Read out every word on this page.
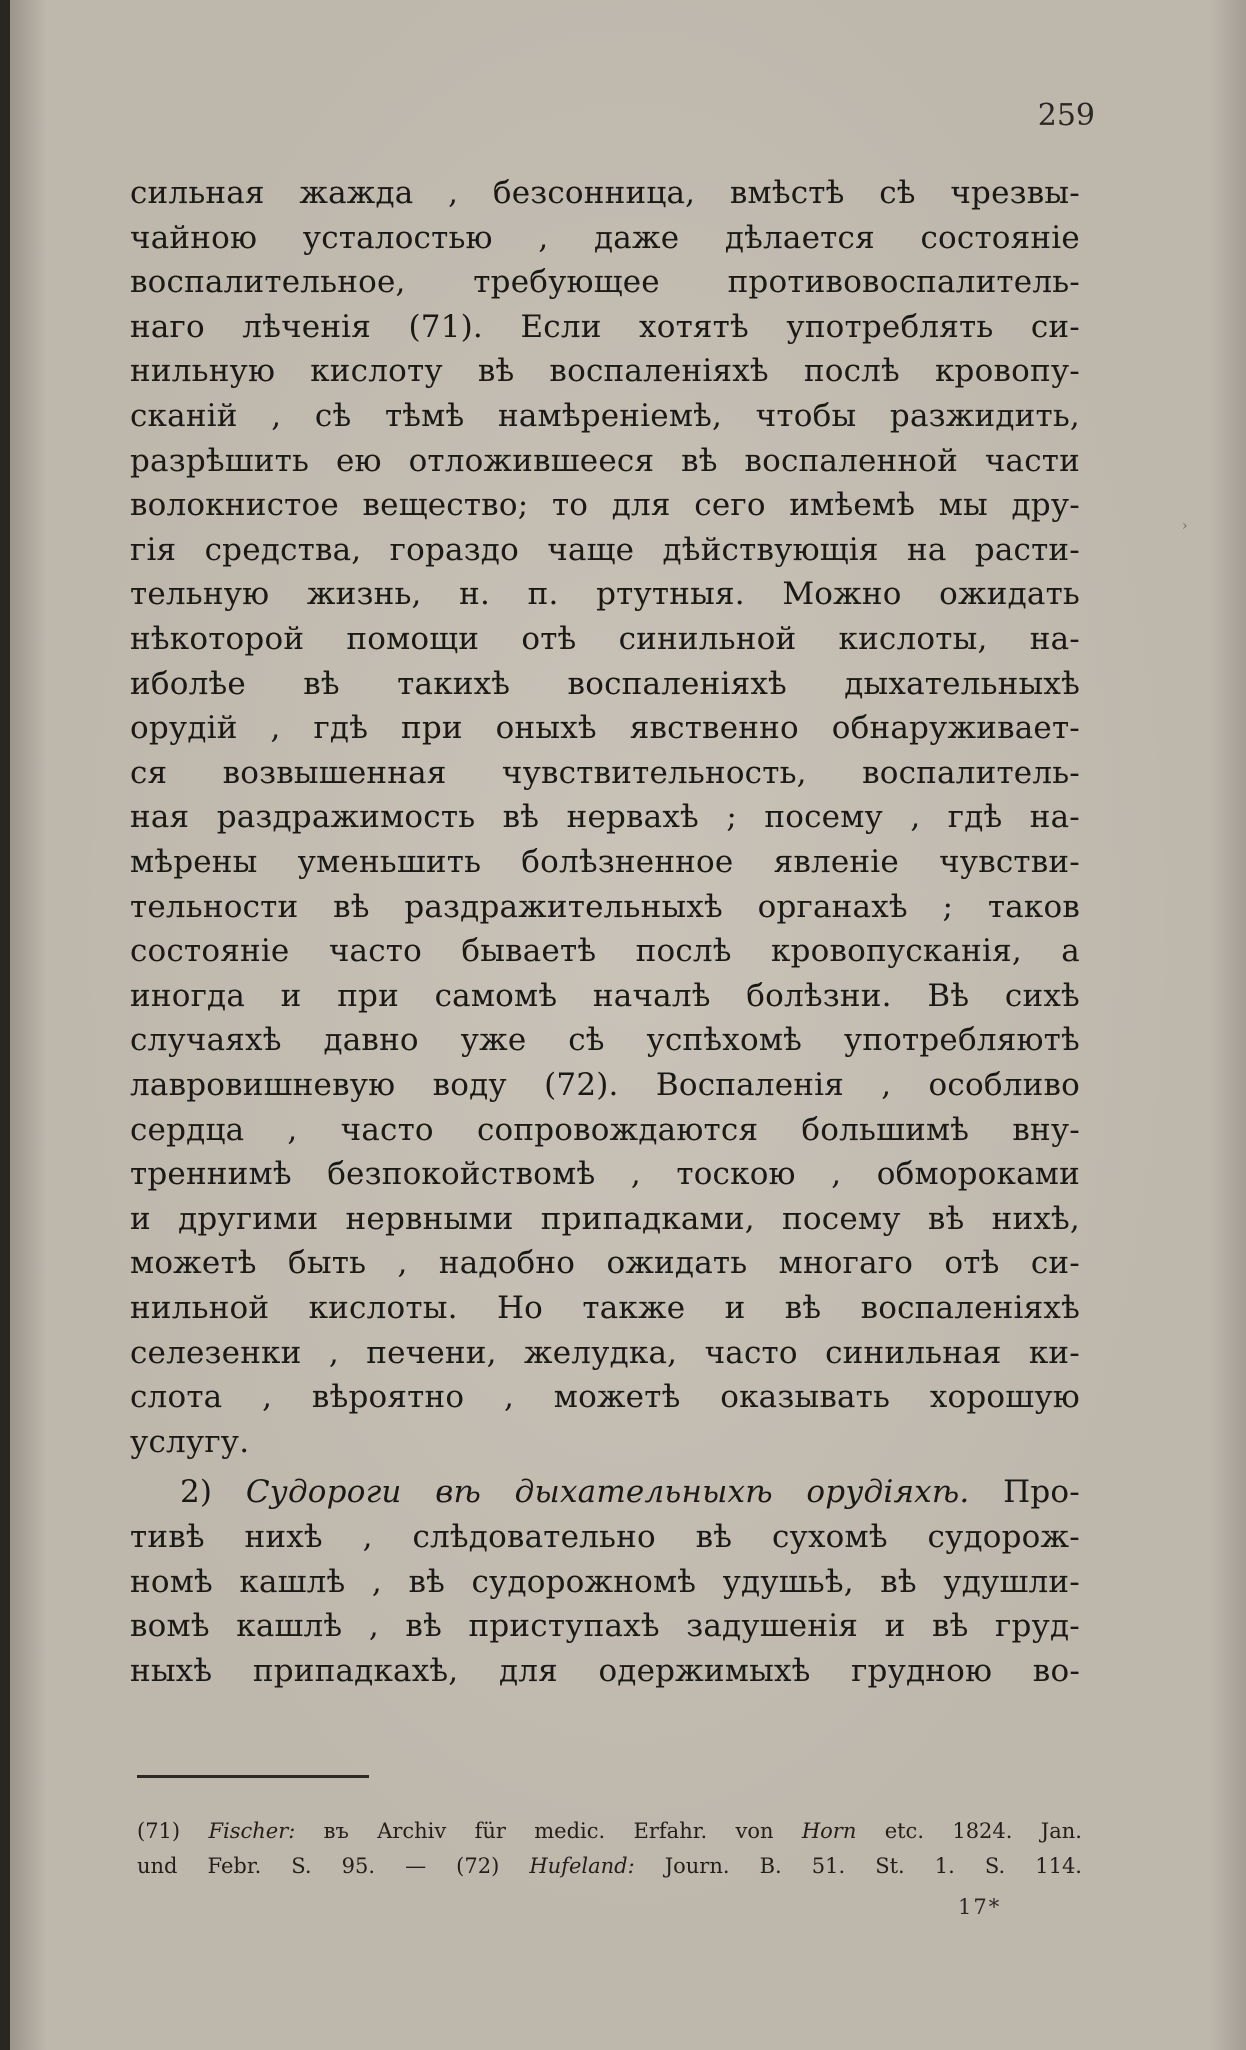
259
сильная жажда , безсонница, вмѣстѣ сѣ чрезвы-
чайною усталостью , даже дѣлается состоянiе
воспалительное, требующее противовоспалитель-
наго лѣченiя (71). Если хотятѣ употреблять си-
нильную кислоту вѣ воспаленiяхѣ послѣ кровопу-
сканiй , сѣ тѣмѣ намѣренiемѣ, чтобы разжидить,
разрѣшить ею отложившееся вѣ воспаленной части
волокнистое вещество; то для сего имѣемѣ мы дру-
гiя средства, гораздо чаще дѣйствующiя на расти-
тельную жизнь, н. п. ртутныя. Можно ожидать
нѣкоторой помощи отѣ синильной кислоты, на-
иболѣе вѣ такихѣ воспаленiяхѣ дыхательныхѣ
орудiй , гдѣ при оныхѣ явственно обнаруживает-
ся возвышенная чувствительность, воспалитель-
ная раздражимость вѣ нервахѣ ; посему , гдѣ на-
мѣрены уменьшить болѣзненное явленiе чувстви-
тельности вѣ раздражительныхѣ органахѣ ; таков
состоянiе часто бываетѣ послѣ кровопусканiя, а
иногда и при самомѣ началѣ болѣзни. Вѣ сихѣ
случаяхѣ давно уже сѣ успѣхомѣ употребляютѣ
лавровишневую воду (72). Воспаленiя , особливо
сердца , часто сопровождаются большимѣ вну-
треннимѣ безпокойствомѣ , тоскою , обмороками
и другими нервными припадками, посему вѣ нихѣ,
можетѣ быть , надобно ожидать многаго отѣ си-
нильной кислоты. Но также и вѣ воспаленiяхѣ
селезенки , печени, желудка, часто синильная ки-
слота , вѣроятно , можетѣ оказывать хорошую
услугу.
2) Судороги вѣ дыхательныхѣ орудiяхѣ. Про-
тивѣ нихѣ , слѣдовательно вѣ сухомѣ судорож-
номѣ кашлѣ , вѣ судорожномѣ удушьѣ, вѣ удушли-
вомѣ кашлѣ , вѣ приступахѣ задушенiя и вѣ груд-
ныхѣ припадкахѣ, для одержимыхѣ грудною во-
(71) Fischer: въ Archiv für medic. Erfahr. von Horn etc. 1824. Jan.
und Febr. S. 95. — (72) Hufeland: Journ. B. 51. St. 1. S. 114.
17*
›
